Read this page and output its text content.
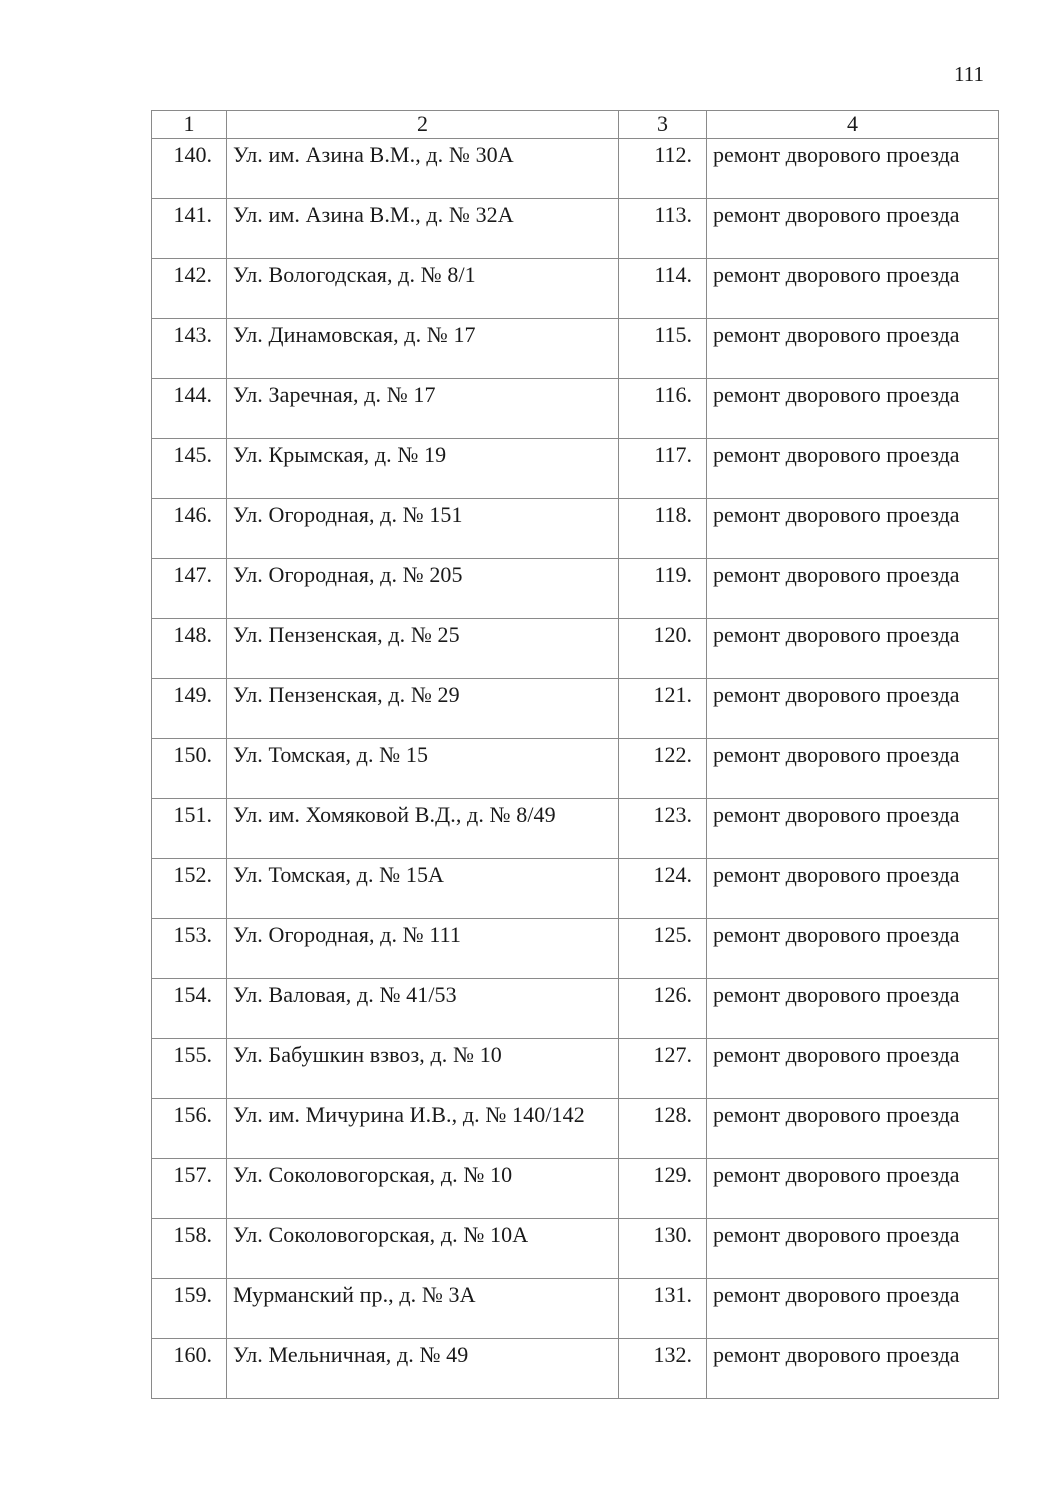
111
1	2	3	4
140.	Ул. им. Азина В.М., д. № 30А	112.	ремонт дворового проезда
141.	Ул. им. Азина В.М., д. № 32А	113.	ремонт дворового проезда
142.	Ул. Вологодская, д. № 8/1	114.	ремонт дворового проезда
143.	Ул. Динамовская, д. № 17	115.	ремонт дворового проезда
144.	Ул. Заречная, д. № 17	116.	ремонт дворового проезда
145.	Ул. Крымская, д. № 19	117.	ремонт дворового проезда
146.	Ул. Огородная, д. № 151	118.	ремонт дворового проезда
147.	Ул. Огородная, д. № 205	119.	ремонт дворового проезда
148.	Ул. Пензенская, д. № 25	120.	ремонт дворового проезда
149.	Ул. Пензенская, д. № 29	121.	ремонт дворового проезда
150.	Ул. Томская, д. № 15	122.	ремонт дворового проезда
151.	Ул. им. Хомяковой В.Д., д. № 8/49	123.	ремонт дворового проезда
152.	Ул. Томская, д. № 15А	124.	ремонт дворового проезда
153.	Ул. Огородная, д. № 111	125.	ремонт дворового проезда
154.	Ул. Валовая, д. № 41/53	126.	ремонт дворового проезда
155.	Ул. Бабушкин взвоз, д. № 10	127.	ремонт дворового проезда
156.	Ул. им. Мичурина И.В., д. № 140/142	128.	ремонт дворового проезда
157.	Ул. Соколовогорская, д. № 10	129.	ремонт дворового проезда
158.	Ул. Соколовогорская, д. № 10А	130.	ремонт дворового проезда
159.	Мурманский пр., д. № 3А	131.	ремонт дворового проезда
160.	Ул. Мельничная, д. № 49	132.	ремонт дворового проезда
